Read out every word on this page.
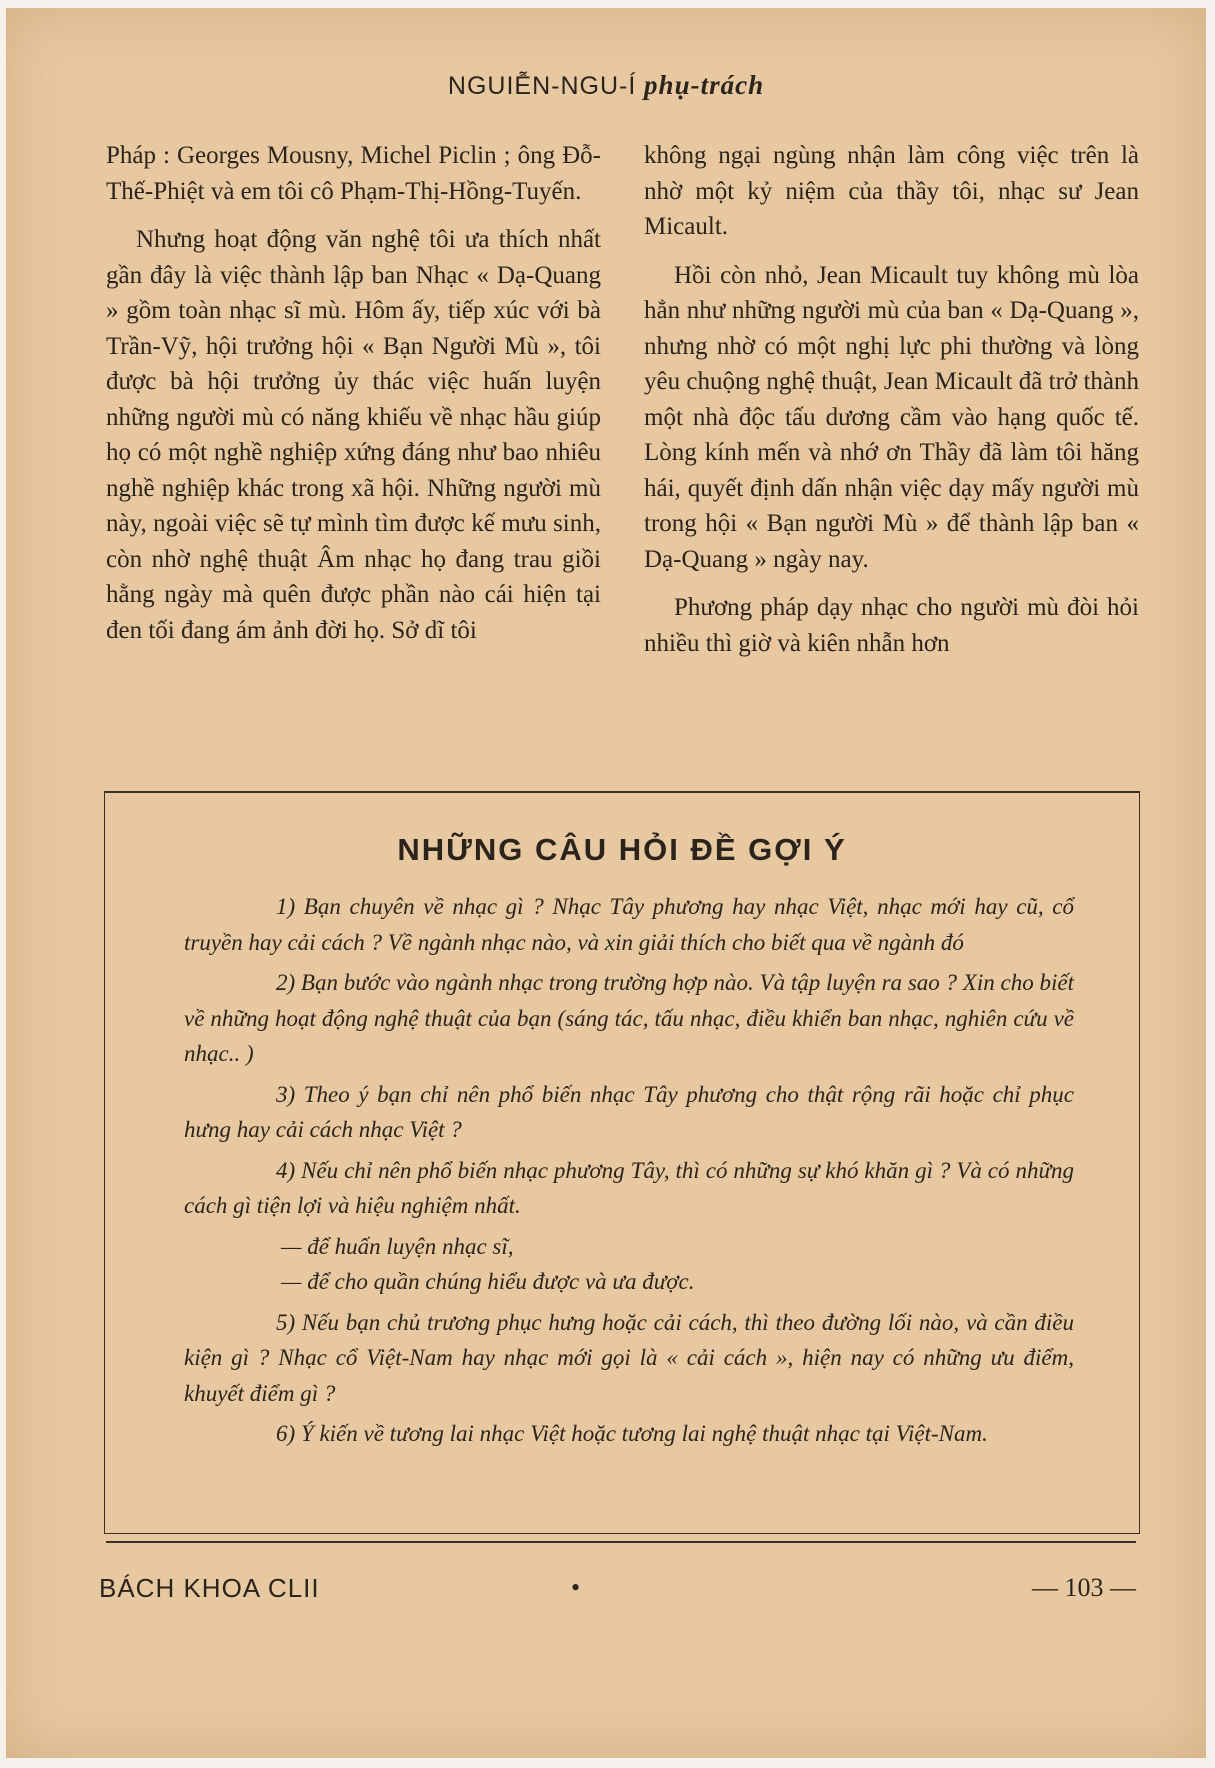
NGUIỄN-NGU-Í phụ-trách

Pháp : Georges Mousny, Michel Piclin ; ông Đỗ-Thế-Phiệt và em tôi cô Phạm-Thị-Hồng-Tuyến.

Nhưng hoạt động văn nghệ tôi ưa thích nhất gần đây là việc thành lập ban Nhạc « Dạ-Quang » gồm toàn nhạc sĩ mù. Hôm ấy, tiếp xúc với bà Trần-Vỹ, hội trưởng hội « Bạn Người Mù », tôi được bà hội trưởng ủy thác việc huấn luyện những người mù có năng khiếu về nhạc hầu giúp họ có một nghề nghiệp xứng đáng như bao nhiêu nghề nghiệp khác trong xã hội. Những người mù này, ngoài việc sẽ tự mình tìm được kế mưu sinh, còn nhờ nghệ thuật Âm nhạc họ đang trau giồi hằng ngày mà quên được phần nào cái hiện tại đen tối đang ám ảnh đời họ. Sở dĩ tôi

không ngại ngùng nhận làm công việc trên là nhờ một kỷ niệm của thầy tôi, nhạc sư Jean Micault.

Hồi còn nhỏ, Jean Micault tuy không mù lòa hẳn như những người mù của ban « Dạ-Quang », nhưng nhờ có một nghị lực phi thường và lòng yêu chuộng nghệ thuật, Jean Micault đã trở thành một nhà độc tấu dương cầm vào hạng quốc tế. Lòng kính mến và nhớ ơn Thầy đã làm tôi hăng hái, quyết định dấn nhận việc dạy mấy người mù trong hội « Bạn người Mù » để thành lập ban « Dạ-Quang » ngày nay.

Phương pháp dạy nhạc cho người mù đòi hỏi nhiều thì giờ và kiên nhẫn hơn

NHỮNG CÂU HỎI ĐỀ GỢI Ý

1) Bạn chuyên về nhạc gì ? Nhạc Tây phương hay nhạc Việt, nhạc mới hay cũ, cổ truyền hay cải cách ? Về ngành nhạc nào, và xin giải thích cho biết qua về ngành đó

2) Bạn bước vào ngành nhạc trong trường hợp nào. Và tập luyện ra sao ? Xin cho biết về những hoạt động nghệ thuật của bạn (sáng tác, tấu nhạc, điều khiển ban nhạc, nghiên cứu về nhạc.. )

3) Theo ý bạn chỉ nên phổ biến nhạc Tây phương cho thật rộng rãi hoặc chỉ phục hưng hay cải cách nhạc Việt ?

4) Nếu chỉ nên phổ biến nhạc phương Tây, thì có những sự khó khăn gì ? Và có những cách gì tiện lợi và hiệu nghiệm nhất.

— để huấn luyện nhạc sĩ,

— để cho quần chúng hiểu được và ưa được.

5) Nếu bạn chủ trương phục hưng hoặc cải cách, thì theo đường lối nào, và cần điều kiện gì ? Nhạc cổ Việt-Nam hay nhạc mới gọi là « cải cách », hiện nay có những ưu điểm, khuyết điểm gì ?

6) Ý kiến về tương lai nhạc Việt hoặc tương lai nghệ thuật nhạc tại Việt-Nam.

BÁCH KHOA CLII	•	— 103 —
